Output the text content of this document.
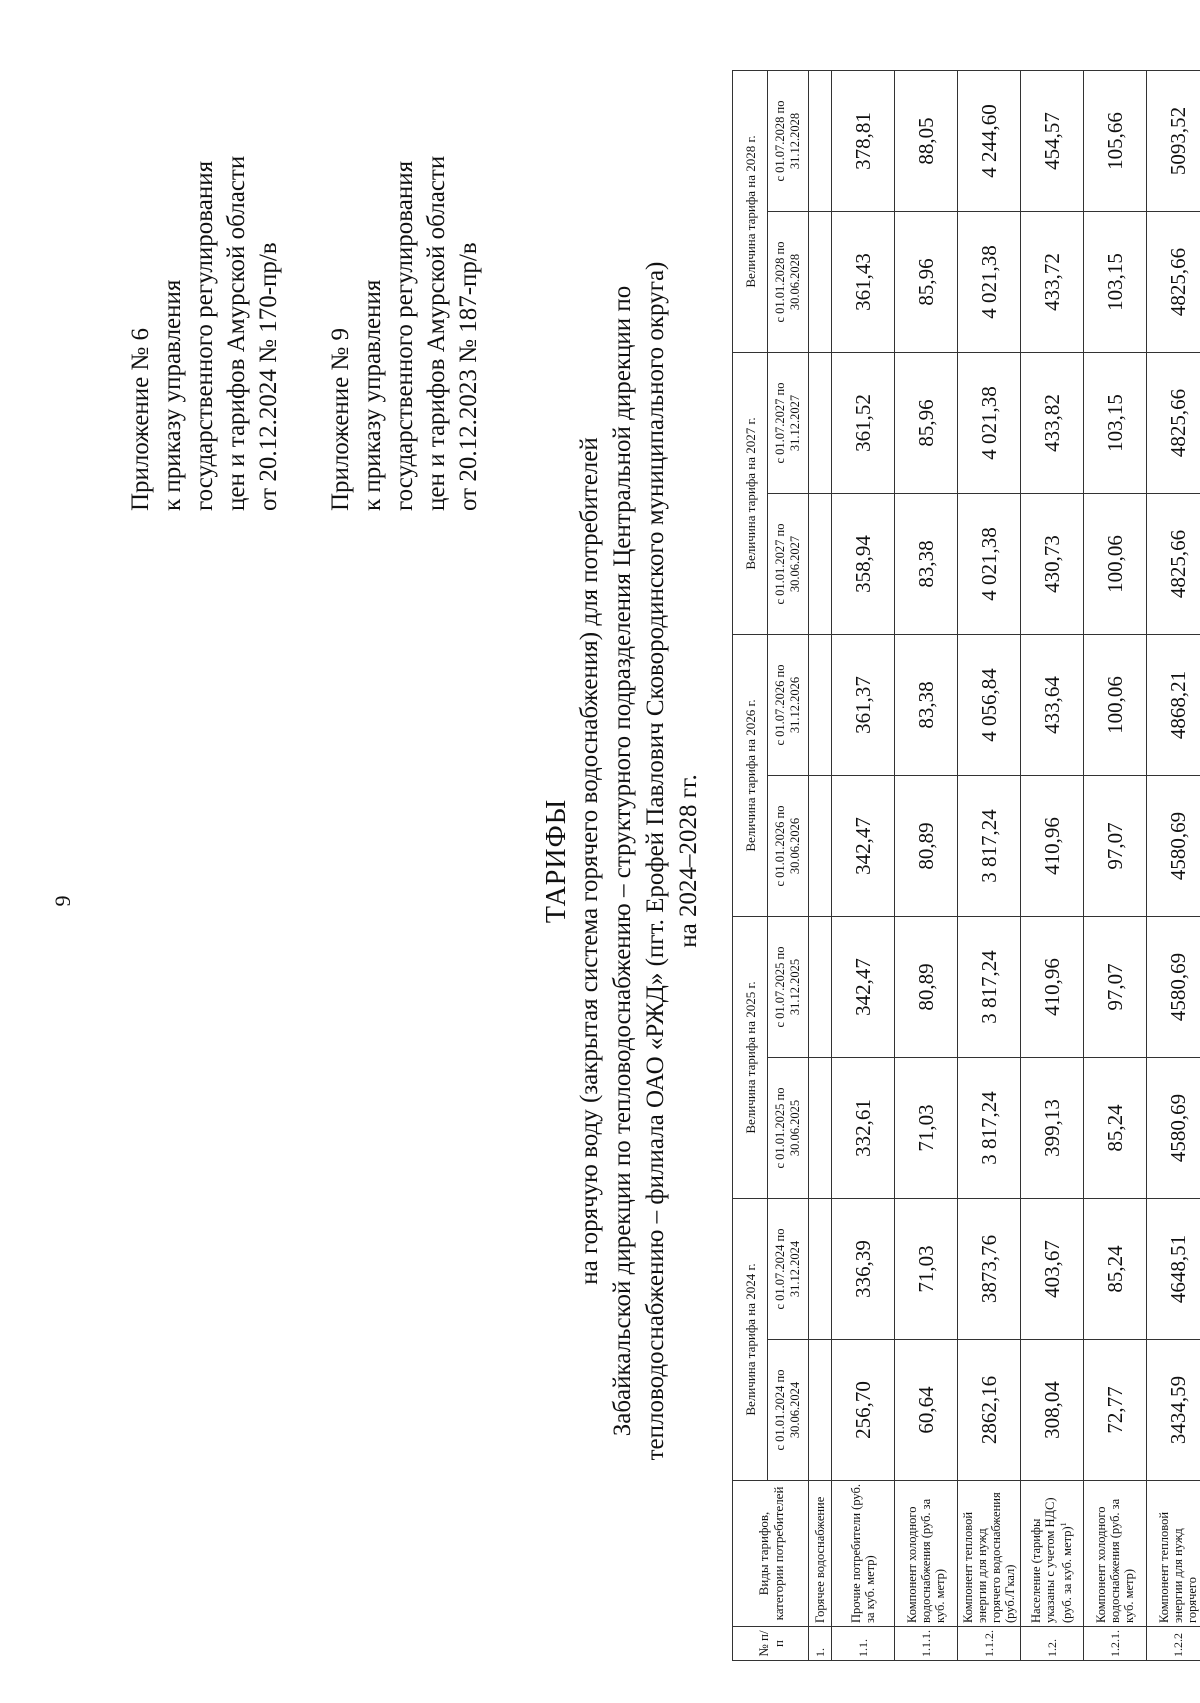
9
Приложение № 6 к приказу управления государственного регулирования цен и тарифов Амурской области от 20.12.2024 № 170-пр/в Приложение № 9 к приказу управления государственного регулирования цен и тарифов Амурской области от 20.12.2023 № 187-пр/в
ТАРИФЫ на горячую воду (закрытая система горячего водоснабжения) для потребителей Забайкальской дирекции по тепловодоснабжению – структурного подразделения Центральной дирекции по тепловодоснабжению – филиала ОАО «РЖД» (пгт. Ерофей Павлович Сковородинского муниципального округа) на 2024–2028 гг.
№ п/п	Виды тарифов, категории потребителей	Величина тарифа на 2024 г.		Величина тарифа на 2025 г.		Величина тарифа на 2026 г.		Величина тарифа на 2027 г.		Величина тарифа на 2028 г.	
		с 01.01.2024 по 30.06.2024	с 01.07.2024 по 31.12.2024	с 01.01.2025 по 30.06.2025	с 01.07.2025 по 31.12.2025	с 01.01.2026 по 30.06.2026	с 01.07.2026 по 31.12.2026	с 01.01.2027 по 30.06.2027	с 01.07.2027 по 31.12.2027	с 01.01.2028 по 30.06.2028	с 01.07.2028 по 31.12.2028
1.	Горячее водоснабжение										
1.1.	Прочие потребители (руб. за куб. метр)	256,70	336,39	332,61	342,47	342,47	361,37	358,94	361,52	361,43	378,81
1.1.1.	Компонент холодного водоснабжения (руб. за куб. метр)	60,64	71,03	71,03	80,89	80,89	83,38	83,38	85,96	85,96	88,05
1.1.2.	Компонент тепловой энергии для нужд горячего водоснабжения (руб./Гкал)	2862,16	3873,76	3 817,24	3 817,24	3 817,24	4 056,84	4 021,38	4 021,38	4 021,38	4 244,60
1.2.	Население (тарифы указаны с учетом НДС) (руб. за куб. метр)$^1$	308,04	403,67	399,13	410,96	410,96	433,64	430,73	433,82	433,72	454,57
1.2.1.	Компонент холодного водоснабжения (руб. за куб. метр)	72,77	85,24	85,24	97,07	97,07	100,06	100,06	103,15	103,15	105,66
1.2.2	Компонент тепловой энергии для нужд горячего	3434,59	4648,51	4580,69	4580,69	4580,69	4868,21	4825,66	4825,66	4825,66	5093,52
